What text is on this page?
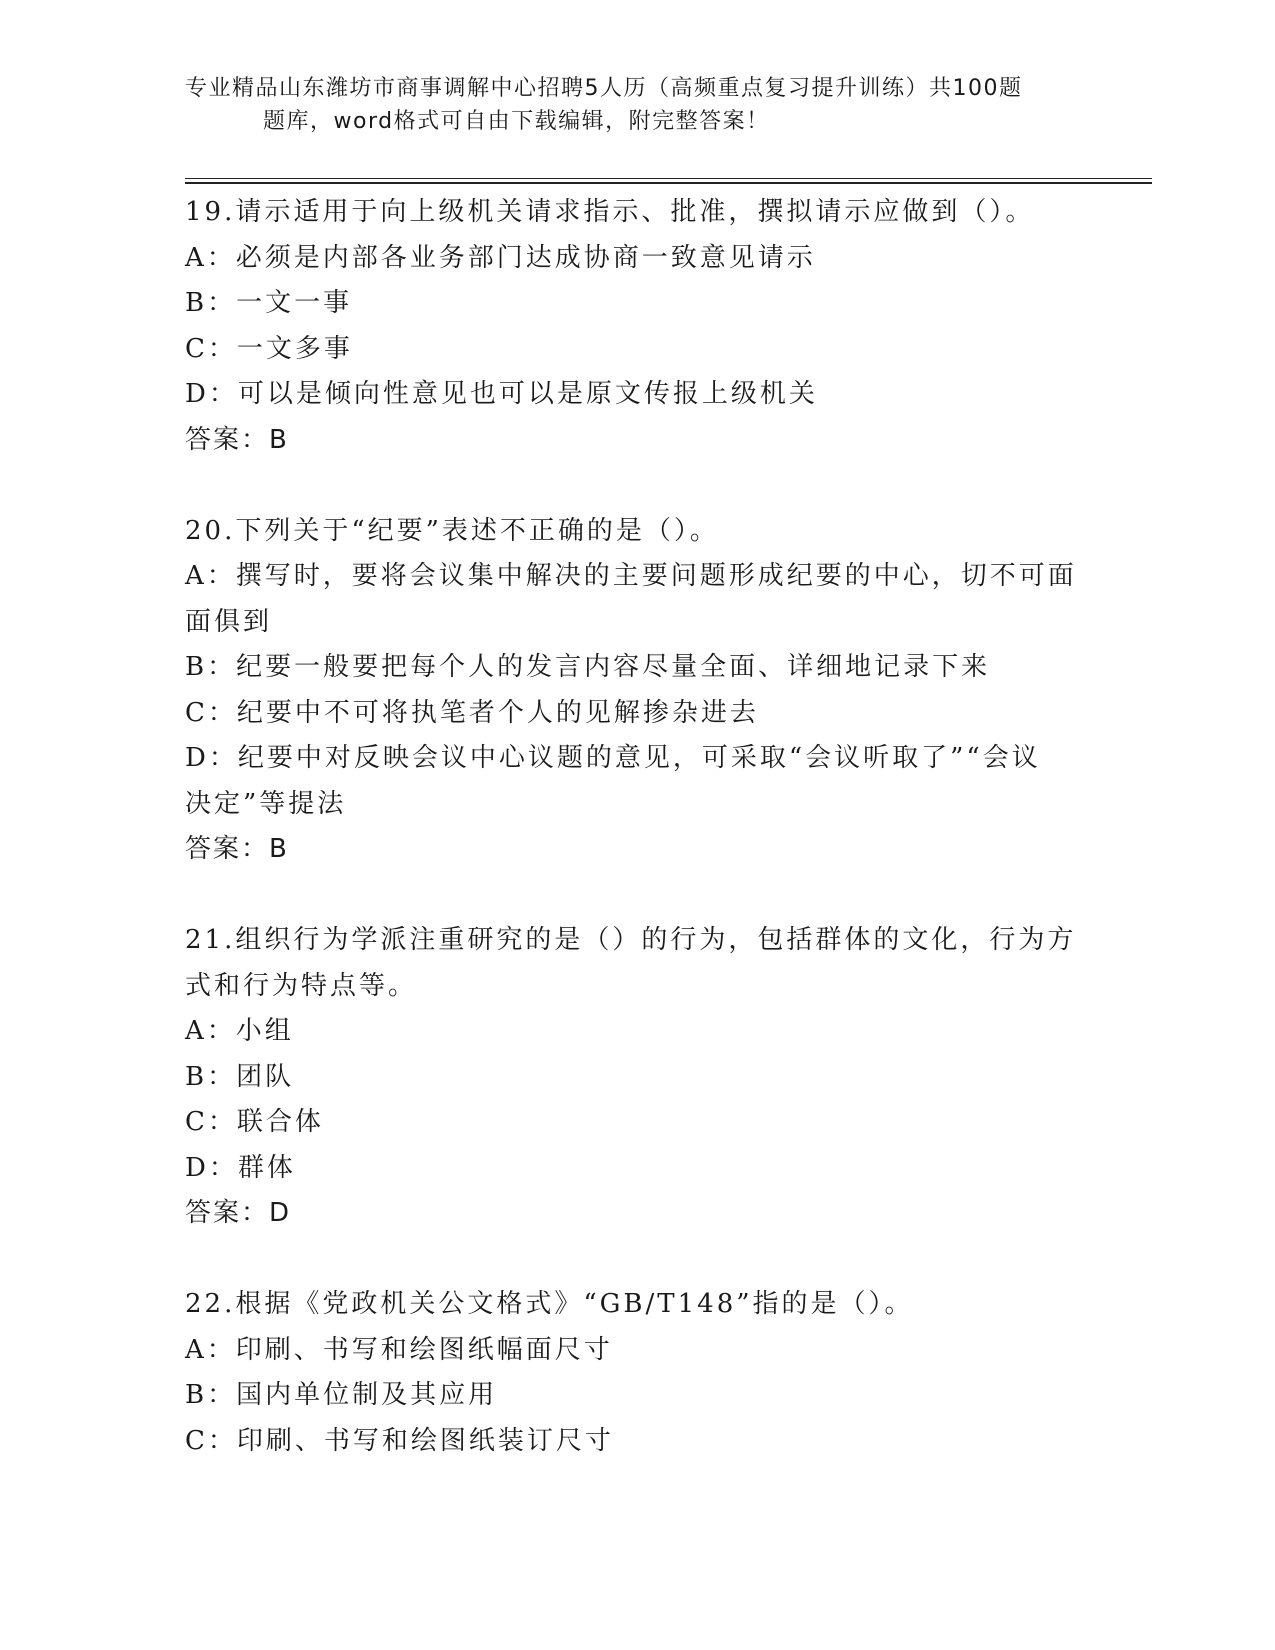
专业精品山东潍坊市商事调解中心招聘5人历（高频重点复习提升训练）共100题
题库，word格式可自由下载编辑，附完整答案！
19.请示适用于向上级机关请求指示、批准，撰拟请示应做到（）。
A：必须是内部各业务部门达成协商一致意见请示
B：一文一事
C：一文多事
D：可以是倾向性意见也可以是原文传报上级机关
答案：B
20.下列关于“纪要”表述不正确的是（）。
A：撰写时，要将会议集中解决的主要问题形成纪要的中心，切不可面
面俱到
B：纪要一般要把每个人的发言内容尽量全面、详细地记录下来
C：纪要中不可将执笔者个人的见解掺杂进去
D：纪要中对反映会议中心议题的意见，可采取“会议听取了”“会议
决定”等提法
答案：B
21.组织行为学派注重研究的是（）的行为，包括群体的文化，行为方
式和行为特点等。
A：小组
B：团队
C：联合体
D：群体
答案：D
22.根据《党政机关公文格式》“GB/T148”指的是（）。
A：印刷、书写和绘图纸幅面尺寸
B：国内单位制及其应用
C：印刷、书写和绘图纸装订尺寸
